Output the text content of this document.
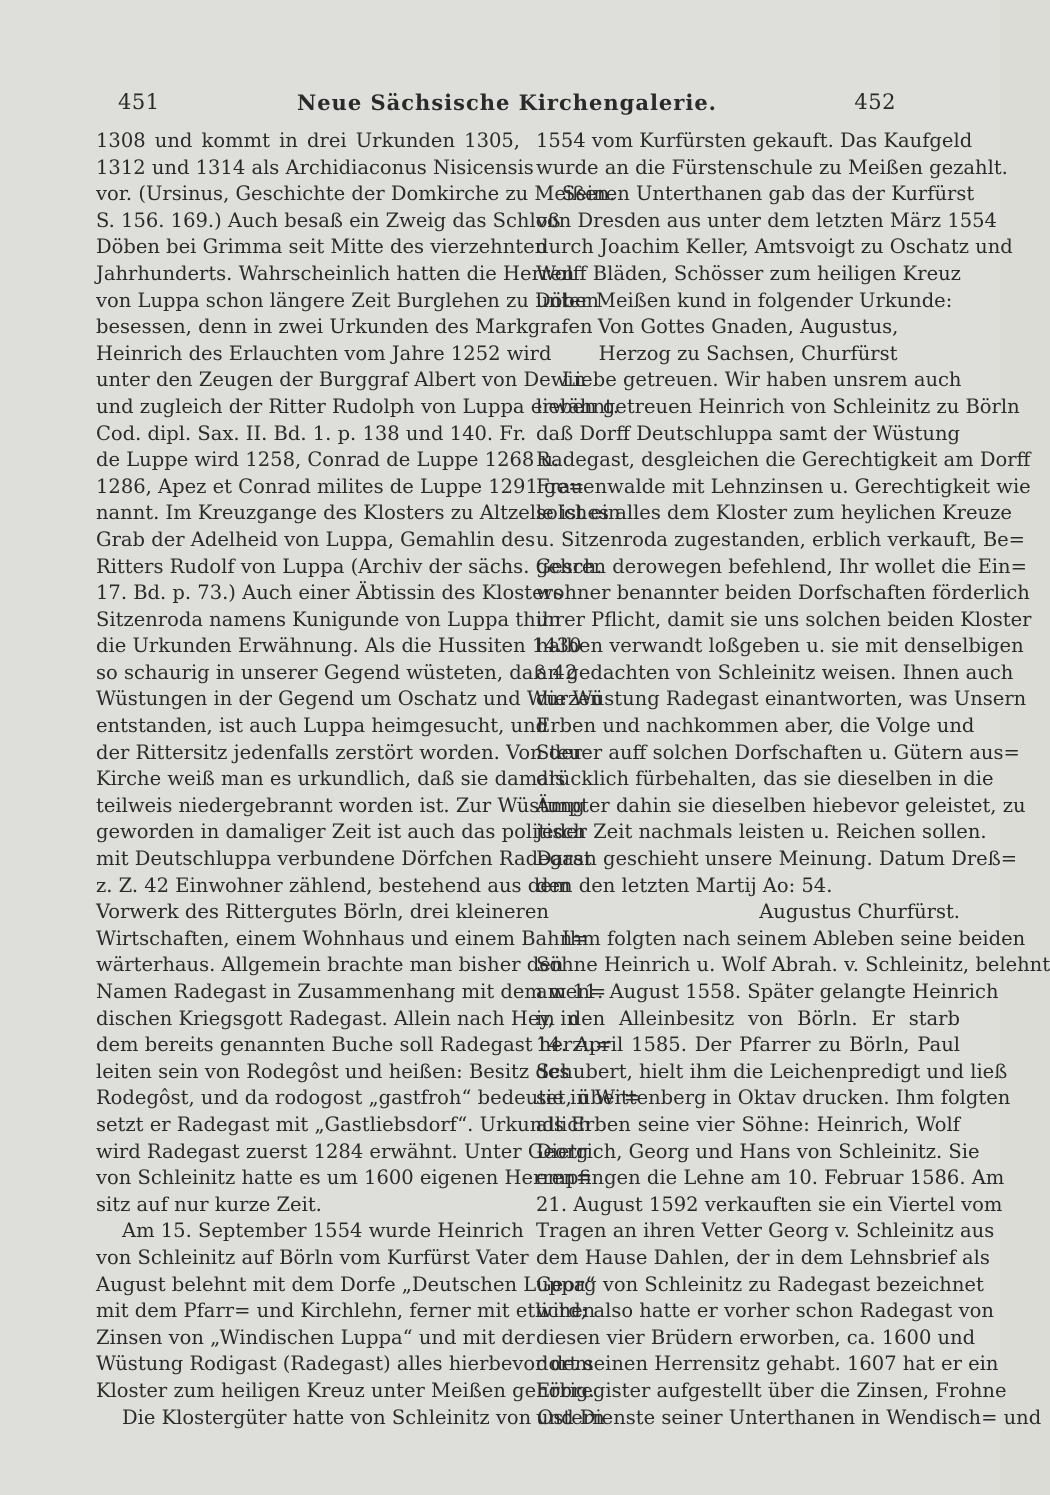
451	Neue Sächsische Kirchengalerie.	452
1308 und kommt in drei Urkunden 1305,
1312 und 1314 als Archidiaconus Nisicensis
vor. (Ursinus, Geschichte der Domkirche zu Meißen.
S. 156. 169.) Auch besaß ein Zweig das Schloß
Döben bei Grimma seit Mitte des vierzehnten
Jahrhunderts. Wahrscheinlich hatten die Herren
von Luppa schon längere Zeit Burglehen zu Döben
besessen, denn in zwei Urkunden des Markgrafen
Heinrich des Erlauchten vom Jahre 1252 wird
unter den Zeugen der Burggraf Albert von Dewin
und zugleich der Ritter Rudolph von Luppa erwähnt.
Cod. dipl. Sax. II. Bd. 1. p. 138 und 140. Fr.
de Luppe wird 1258, Conrad de Luppe 1268 u.
1286, Apez et Conrad milites de Luppe 1291 ge=
nannt. Im Kreuzgange des Klosters zu Altzelle ist ein
Grab der Adelheid von Luppa, Gemahlin des
Ritters Rudolf von Luppa (Archiv der sächs. Gesch.
17. Bd. p. 73.) Auch einer Äbtissin des Klosters
Sitzenroda namens Kunigunde von Luppa thun
die Urkunden Erwähnung. Als die Hussiten 1430
so schaurig in unserer Gegend wüsteten, daß 42
Wüstungen in der Gegend um Oschatz und Wurzen
entstanden, ist auch Luppa heimgesucht, und
der Rittersitz jedenfalls zerstört worden. Von der
Kirche weiß man es urkundlich, daß sie damals
teilweis niedergebrannt worden ist. Zur Wüstung
geworden in damaliger Zeit ist auch das politisch
mit Deutschluppa verbundene Dörfchen Radegast
z. Z. 42 Einwohner zählend, bestehend aus dem
Vorwerk des Rittergutes Börln, drei kleineren
Wirtschaften, einem Wohnhaus und einem Bahn=
wärterhaus. Allgemein brachte man bisher den
Namen Radegast in Zusammenhang mit dem wen=
dischen Kriegsgott Radegast. Allein nach Hey, in
dem bereits genannten Buche soll Radegast herzu=
leiten sein von Rodegôst und heißen: Besitz des
Rodegôst, und da rodogost „gastfroh“ bedeutet, über=
setzt er Radegast mit „Gastliebsdorf“. Urkundlich
wird Radegast zuerst 1284 erwähnt. Unter Georg
von Schleinitz hatte es um 1600 eigenen Herren=
sitz auf nur kurze Zeit.
Am 15. September 1554 wurde Heinrich
von Schleinitz auf Börln vom Kurfürst Vater
August belehnt mit dem Dorfe „Deutschen Luppa“
mit dem Pfarr= und Kirchlehn, ferner mit etlichen
Zinsen von „Windischen Luppa“ und mit der
Wüstung Rodigast (Radegast) alles hierbevor dem
Kloster zum heiligen Kreuz unter Meißen gehörig.
Die Klostergüter hatte von Schleinitz von Ostern
1554 vom Kurfürsten gekauft. Das Kaufgeld
wurde an die Fürstenschule zu Meißen gezahlt.
Seinen Unterthanen gab das der Kurfürst
von Dresden aus unter dem letzten März 1554
durch Joachim Keller, Amtsvoigt zu Oschatz und
Wolff Bläden, Schösser zum heiligen Kreuz
unter Meißen kund in folgender Urkunde:
Von Gottes Gnaden, Augustus,
Herzog zu Sachsen, Churfürst
Liebe getreuen. Wir haben unsrem auch
lieben getreuen Heinrich von Schleinitz zu Börln
daß Dorff Deutschluppa samt der Wüstung
Radegast, desgleichen die Gerechtigkeit am Dorff
Frauenwalde mit Lehnzinsen u. Gerechtigkeit wie
solches alles dem Kloster zum heylichen Kreuze
u. Sitzenroda zugestanden, erblich verkauft, Be=
gehren derowegen befehlend, Ihr wollet die Ein=
wohner benannter beiden Dorfschaften förderlich
ihrer Pflicht, damit sie uns solchen beiden Kloster
halben verwandt loßgeben u. sie mit denselbigen
an gedachten von Schleinitz weisen. Ihnen auch
die Wüstung Radegast einantworten, was Unsern
Erben und nachkommen aber, die Volge und
Steuer auff solchen Dorfschaften u. Gütern aus=
drücklich fürbehalten, das sie dieselben in die
Ämpter dahin sie dieselben hiebevor geleistet, zu
jeder Zeit nachmals leisten u. Reichen sollen.
Daran geschieht unsere Meinung. Datum Dreß=
den den letzten Martij Ao: 54.
Augustus Churfürst.
Ihm folgten nach seinem Ableben seine beiden
Söhne Heinrich u. Wolf Abrah. v. Schleinitz, belehnt
am 11. August 1558. Später gelangte Heinrich
in den Alleinbesitz von Börln. Er starb
14. April 1585. Der Pfarrer zu Börln, Paul
Schubert, hielt ihm die Leichenpredigt und ließ
sie in Wittenberg in Oktav drucken. Ihm folgten
als Erben seine vier Söhne: Heinrich, Wolf
Dietrich, Georg und Hans von Schleinitz. Sie
empfingen die Lehne am 10. Februar 1586. Am
21. August 1592 verkauften sie ein Viertel vom
Tragen an ihren Vetter Georg v. Schleinitz aus
dem Hause Dahlen, der in dem Lehnsbrief als
Georg von Schleinitz zu Radegast bezeichnet
wird; also hatte er vorher schon Radegast von
diesen vier Brüdern erworben, ca. 1600 und
dort seinen Herrensitz gehabt. 1607 hat er ein
Erbregister aufgestellt über die Zinsen, Frohne
und Dienste seiner Unterthanen in Wendisch= und
